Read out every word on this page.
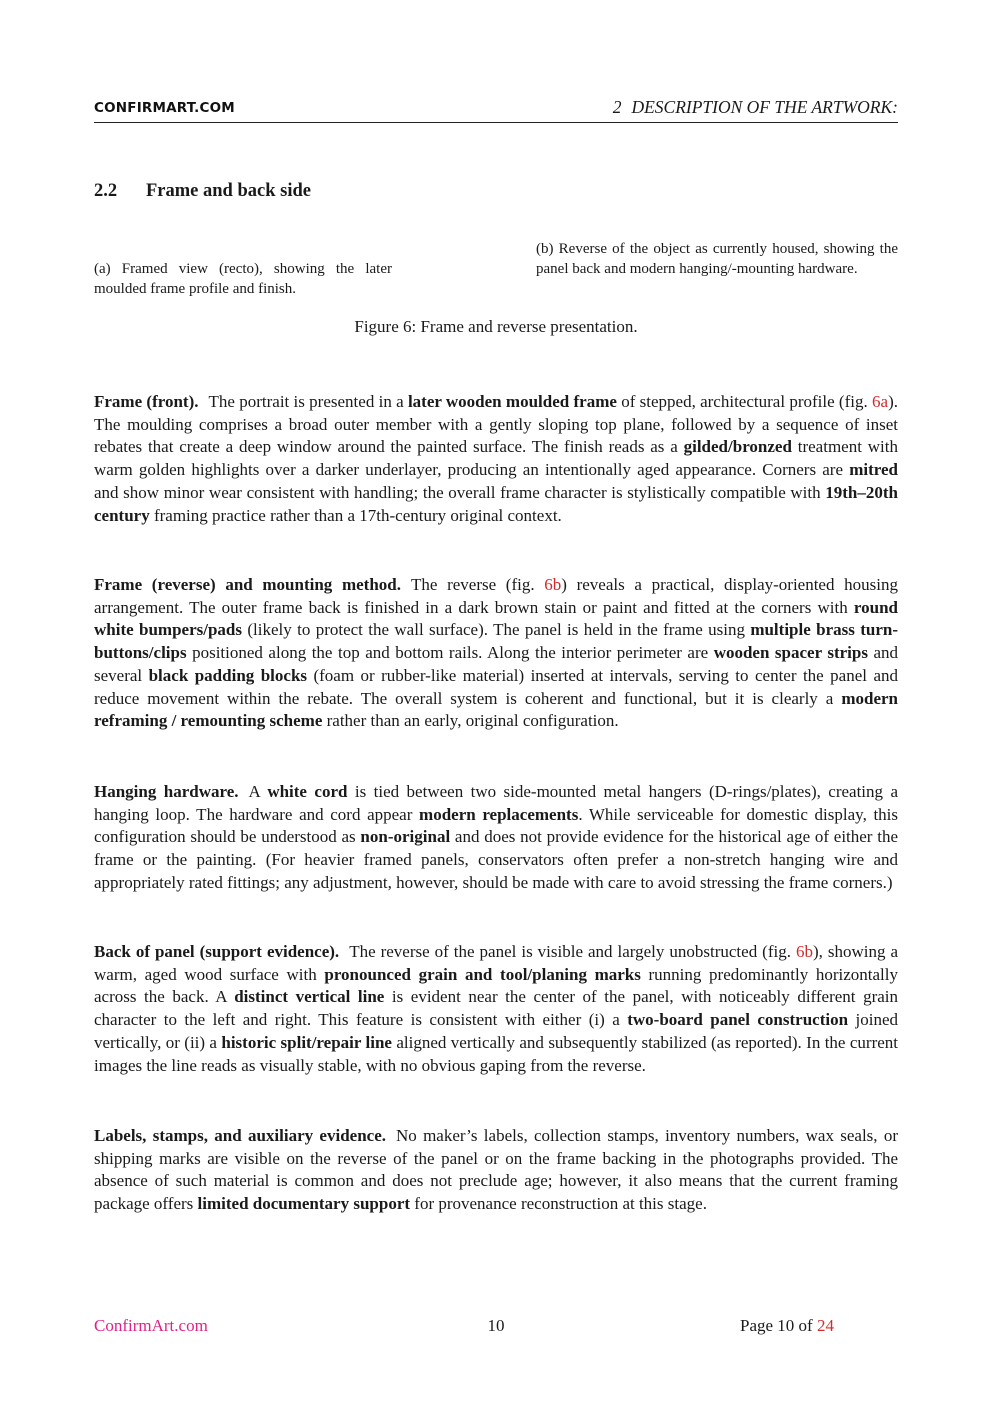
CONFIRMART.COM	2 DESCRIPTION OF THE ARTWORK:
2.2 Frame and back side
(a) Framed view (recto), showing the later moulded frame profile and finish.
(b) Reverse of the object as currently housed, showing the panel back and modern hanging/-mounting hardware.
Figure 6: Frame and reverse presentation.
Frame (front). The portrait is presented in a later wooden moulded frame of stepped, architectural profile (fig. 6a). The moulding comprises a broad outer member with a gently sloping top plane, followed by a sequence of inset rebates that create a deep window around the painted surface. The finish reads as a gilded/bronzed treatment with warm golden highlights over a darker underlayer, producing an intentionally aged appearance. Corners are mitred and show minor wear consistent with handling; the overall frame character is stylistically compatible with 19th–20th century framing practice rather than a 17th-century original context.
Frame (reverse) and mounting method. The reverse (fig. 6b) reveals a practical, display-oriented housing arrangement. The outer frame back is finished in a dark brown stain or paint and fitted at the corners with round white bumpers/pads (likely to protect the wall surface). The panel is held in the frame using multiple brass turn-buttons/clips positioned along the top and bottom rails. Along the interior perimeter are wooden spacer strips and several black padding blocks (foam or rubber-like material) inserted at intervals, serving to center the panel and reduce movement within the rebate. The overall system is coherent and functional, but it is clearly a modern reframing / remounting scheme rather than an early, original configuration.
Hanging hardware. A white cord is tied between two side-mounted metal hangers (D-rings/plates), creating a hanging loop. The hardware and cord appear modern replacements. While serviceable for domestic display, this configuration should be understood as non-original and does not provide evidence for the historical age of either the frame or the painting. (For heavier framed panels, conservators often prefer a non-stretch hanging wire and appropriately rated fittings; any adjustment, however, should be made with care to avoid stressing the frame corners.)
Back of panel (support evidence). The reverse of the panel is visible and largely unobstructed (fig. 6b), showing a warm, aged wood surface with pronounced grain and tool/planing marks running predominantly horizontally across the back. A distinct vertical line is evident near the center of the panel, with noticeably different grain character to the left and right. This feature is consistent with either (i) a two-board panel construction joined vertically, or (ii) a historic split/repair line aligned vertically and subsequently stabilized (as reported). In the current images the line reads as visually stable, with no obvious gaping from the reverse.
Labels, stamps, and auxiliary evidence. No maker’s labels, collection stamps, inventory numbers, wax seals, or shipping marks are visible on the reverse of the panel or on the frame backing in the photographs provided. The absence of such material is common and does not preclude age; however, it also means that the current framing package offers limited documentary support for provenance reconstruction at this stage.
ConfirmArt.com	10	Page 10 of 24
